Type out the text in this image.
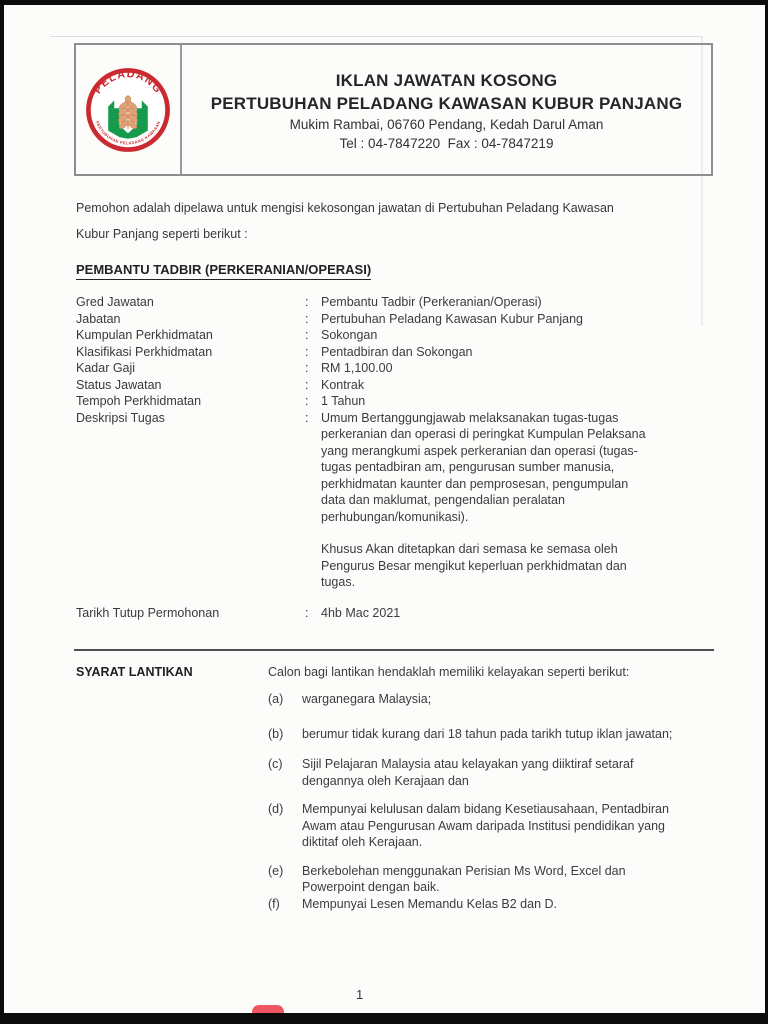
PELADANG
PERTUBUHAN PELADANG KAWASAN
IKLAN JAWATAN KOSONG
PERTUBUHAN PELADANG KAWASAN KUBUR PANJANG
Mukim Rambai, 06760 Pendang, Kedah Darul Aman
Tel : 04-7847220  Fax : 04-7847219

Pemohon adalah dipelawa untuk mengisi kekosongan jawatan di Pertubuhan Peladang Kawasan Kubur Panjang seperti berikut :

PEMBANTU TADBIR (PERKERANIAN/OPERASI)
Gred Jawatan	:	Pembantu Tadbir (Perkeranian/Operasi)
Jabatan	:	Pertubuhan Peladang Kawasan Kubur Panjang
Kumpulan Perkhidmatan	:	Sokongan
Klasifikasi Perkhidmatan	:	Pentadbiran dan Sokongan
Kadar Gaji	:	RM 1,100.00
Status Jawatan	:	Kontrak
Tempoh Perkhidmatan	:	1 Tahun
Deskripsi Tugas	:	Umum Bertanggungjawab melaksanakan tugas-tugas perkeranian dan operasi di peringkat Kumpulan Pelaksana yang merangkumi aspek perkeranian dan operasi (tugas-tugas pentadbiran am, pengurusan sumber manusia, perkhidmatan kaunter dan pemprosesan, pengumpulan data dan maklumat, pengendalian peralatan perhubungan/komunikasi).
Khusus Akan ditetapkan dari semasa ke semasa oleh Pengurus Besar mengikut keperluan perkhidmatan dan tugas.
Tarikh Tutup Permohonan	:	4hb Mac 2021
SYARAT LANTIKAN	Calon bagi lantikan hendaklah memiliki kelayakan seperti berikut:
(a)	warganegara Malaysia;
(b)	berumur tidak kurang dari 18 tahun pada tarikh tutup iklan jawatan;
(c)	Sijil Pelajaran Malaysia atau kelayakan yang diiktiraf setaraf dengannya oleh Kerajaan dan
(d)	Mempunyai kelulusan dalam bidang Kesetiausahaan, Pentadbiran Awam atau Pengurusan Awam daripada Institusi pendidikan yang diktitaf oleh Kerajaan.
(e)	Berkebolehan menggunakan Perisian Ms Word, Excel dan Powerpoint dengan baik.
(f)	Mempunyai Lesen Memandu Kelas B2 dan D.
1
